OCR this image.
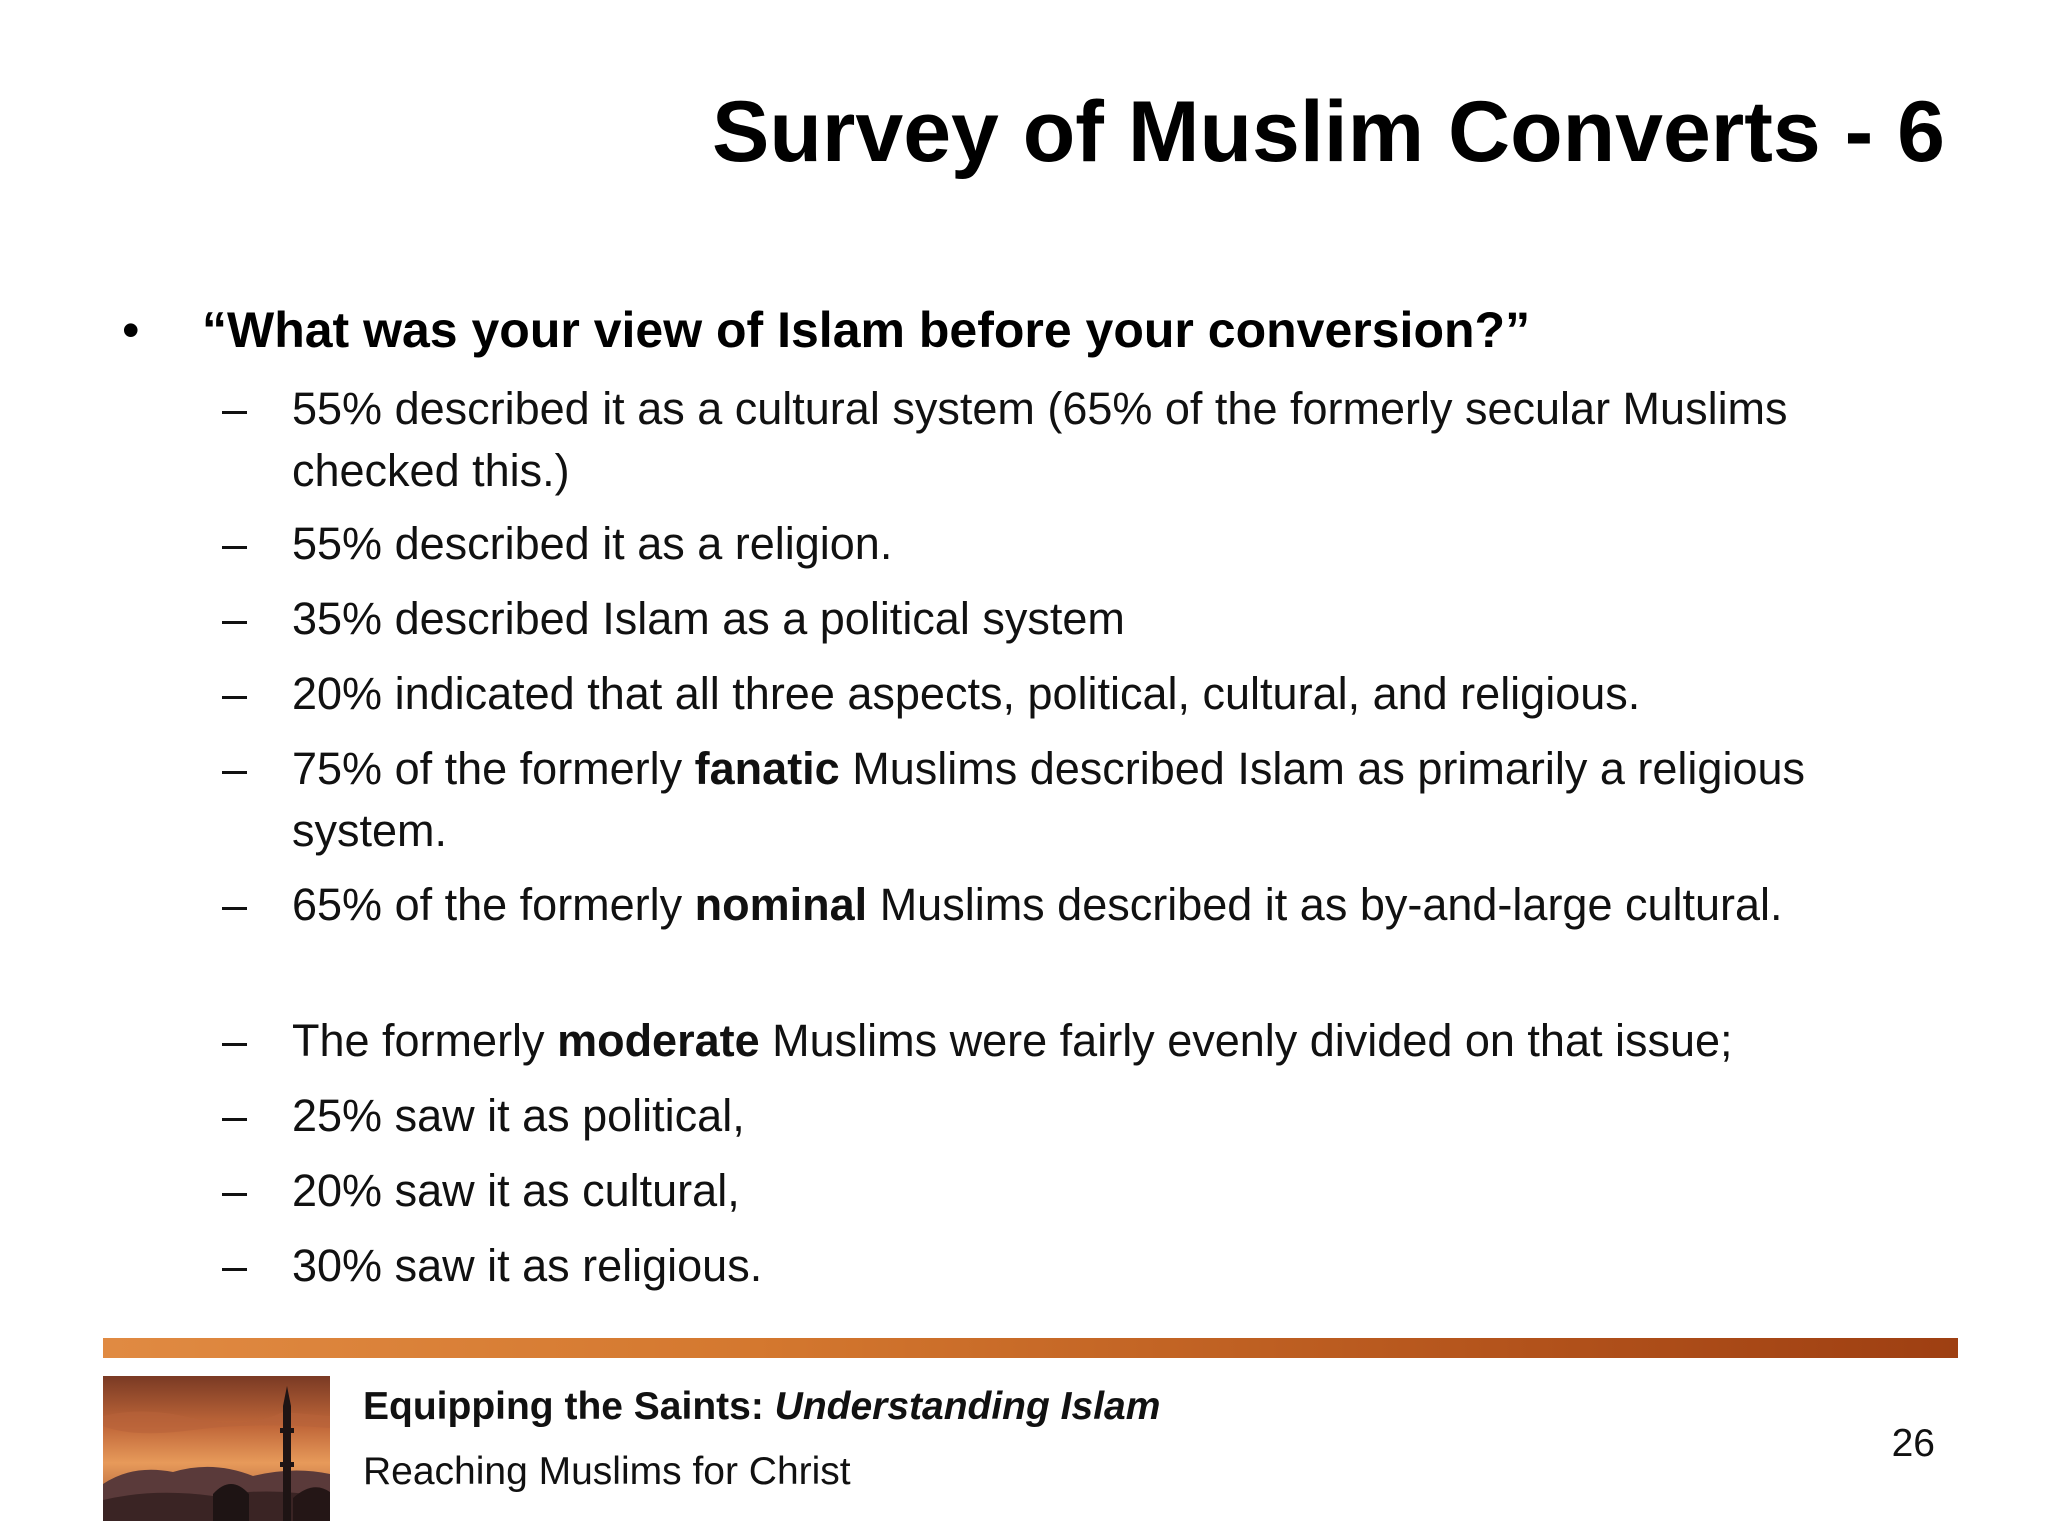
Survey of Muslim Converts - 6
• “What was your view of Islam before your conversion?”
– 55% described it as a cultural system (65% of the formerly secular Muslims checked this.)
– 55% described it as a religion.
– 35% described Islam as a political system
– 20% indicated that all three aspects, political, cultural, and religious.
– 75% of the formerly fanatic Muslims described Islam as primarily a religious system.
– 65% of the formerly nominal Muslims described it as by-and-large cultural.
– The formerly moderate Muslims were fairly evenly divided on that issue;
– 25% saw it as political,
– 20% saw it as cultural,
– 30% saw it as religious.
Equipping the Saints: Understanding Islam
Reaching Muslims for Christ
26
